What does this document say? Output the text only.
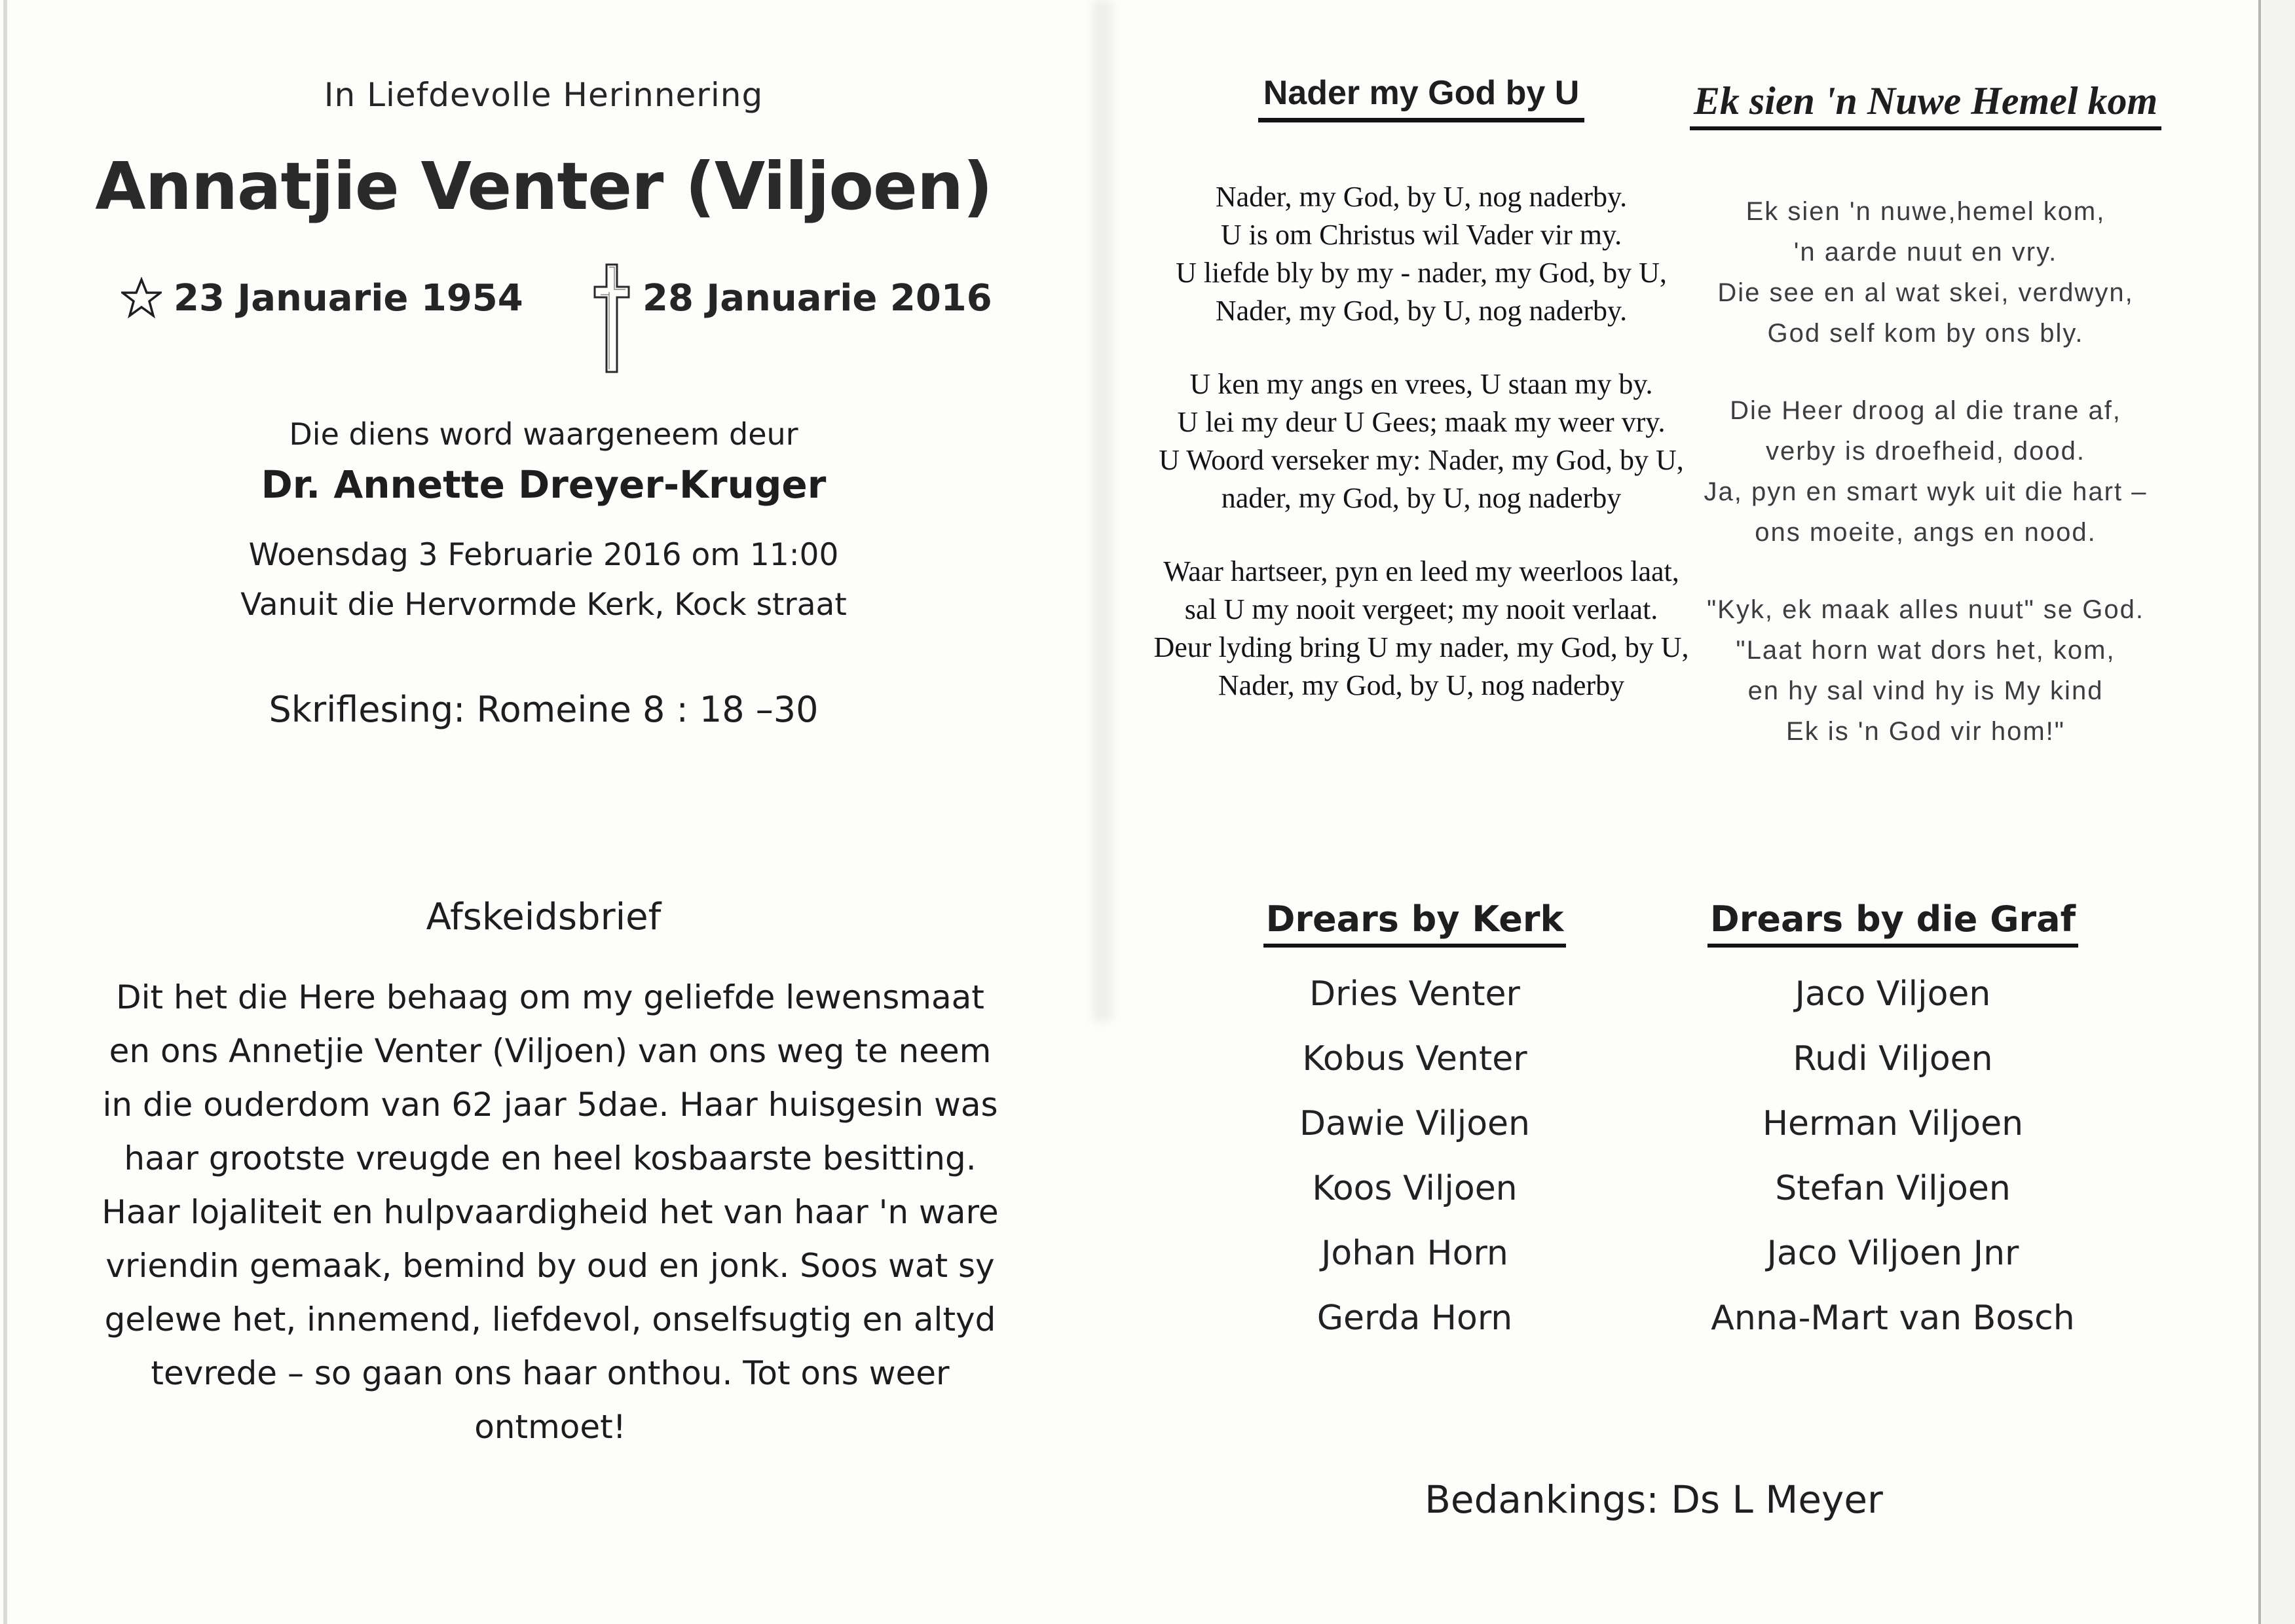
In Liefdevolle Herinnering
Annatjie Venter (Viljoen)
23 Januarie 1954	28 Januarie 2016
Die diens word waargeneem deur
Dr. Annette Dreyer-Kruger
Woensdag 3 Februarie 2016 om 11:00
Vanuit die Hervormde Kerk, Kock straat
Skriflesing: Romeine 8 : 18 –30
Afskeidsbrief
Dit het die Here behaag om my geliefde lewensmaat
en ons Annetjie Venter (Viljoen) van ons weg te neem
in die ouderdom van 62 jaar 5dae. Haar huisgesin was
haar grootste vreugde en heel kosbaarste besitting.
Haar lojaliteit en hulpvaardigheid het van haar 'n ware
vriendin gemaak, bemind by oud en jonk. Soos wat sy
gelewe het, innemend, liefdevol, onselfsugtig en altyd
tevrede – so gaan ons haar onthou. Tot ons weer
ontmoet!
Nader my God by U
Nader, my God, by U, nog naderby.
U is om Christus wil Vader vir my.
U liefde bly by my - nader, my God, by U,
Nader, my God, by U, nog naderby.
U ken my angs en vrees, U staan my by.
U lei my deur U Gees; maak my weer vry.
U Woord verseker my: Nader, my God, by U,
nader, my God, by U, nog naderby
Waar hartseer, pyn en leed my weerloos laat,
sal U my nooit vergeet; my nooit verlaat.
Deur lyding bring U my nader, my God, by U,
Nader, my God, by U, nog naderby
Ek sien 'n Nuwe Hemel kom
Ek sien 'n nuwe,hemel kom,
'n aarde nuut en vry.
Die see en al wat skei, verdwyn,
God self kom by ons bly.
Die Heer droog al die trane af,
verby is droefheid, dood.
Ja, pyn en smart wyk uit die hart –
ons moeite, angs en nood.
"Kyk, ek maak alles nuut" se God.
"Laat horn wat dors het, kom,
en hy sal vind hy is My kind
Ek is 'n God vir hom!"
Drears by Kerk
Dries Venter
Kobus Venter
Dawie Viljoen
Koos Viljoen
Johan Horn
Gerda Horn
Drears by die Graf
Jaco Viljoen
Rudi Viljoen
Herman Viljoen
Stefan Viljoen
Jaco Viljoen Jnr
Anna-Mart van Bosch
Bedankings: Ds L Meyer
